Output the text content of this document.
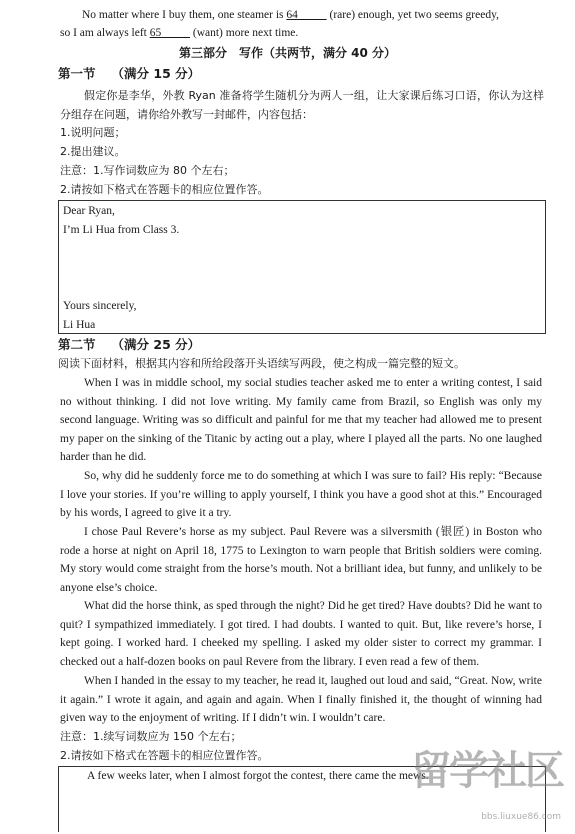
No matter where I buy them, one steamer is 64	(rare) enough, yet two seems greedy,
so I am always left 65	(want) more next time.
第三部分　写作（共两节，满分 40 分）
第一节 （满分 15 分）
假定你是李华，外教 Ryan 准备将学生随机分为两人一组，让大家课后练习口语，你认为这样分组存在问题，请你给外教写一封邮件，内容包括：
1.说明问题；
2.提出建议。
注意：1.写作词数应为 80 个左右；
2.请按如下格式在答题卡的相应位置作答。
Dear Ryan,
I’m Li Hua from Class 3.
Yours sincerely,
Li Hua
第二节 （满分 25 分）
阅读下面材料，根据其内容和所给段落开头语续写两段，使之构成一篇完整的短文。
When I was in middle school, my social studies teacher asked me to enter a writing contest, I said no without thinking. I did not love writing. My family came from Brazil, so English was only my second language. Writing was so difficult and painful for me that my teacher had allowed me to present my paper on the sinking of the Titanic by acting out a play, where I played all the parts. No one laughed harder than he did.
So, why did he suddenly force me to do something at which I was sure to fail? His reply: “Because I love your stories. If you’re willing to apply yourself, I think you have a good shot at this.” Encouraged by his words, I agreed to give it a try.
I chose Paul Revere’s horse as my subject. Paul Revere was a silversmith (银匠) in Boston who rode a horse at night on April 18, 1775 to Lexington to warn people that British soldiers were coming. My story would come straight from the horse’s mouth. Not a brilliant idea, but funny, and unlikely to be anyone else’s choice.
What did the horse think, as sped through the night? Did he get tired? Have doubts? Did he want to quit? I sympathized immediately. I got tired. I had doubts. I wanted to quit. But, like revere’s horse, I kept going. I worked hard. I cheeked my spelling. I asked my older sister to correct my grammar. I checked out a half-dozen books on paul Revere from the library. I even read a few of them.
When I handed in the essay to my teacher, he read it, laughed out loud and said, “Great. Now, write it again.” I wrote it again, and again and again. When I finally finished it, the thought of winning had given way to the enjoyment of writing. If I didn’t win. I wouldn’t care.
注意：1.续写词数应为 150 个左右；
2.请按如下格式在答题卡的相应位置作答。
A few weeks later, when I almost forgot the contest, there came the mews.
留学社区
bbs.liuxue86.com
